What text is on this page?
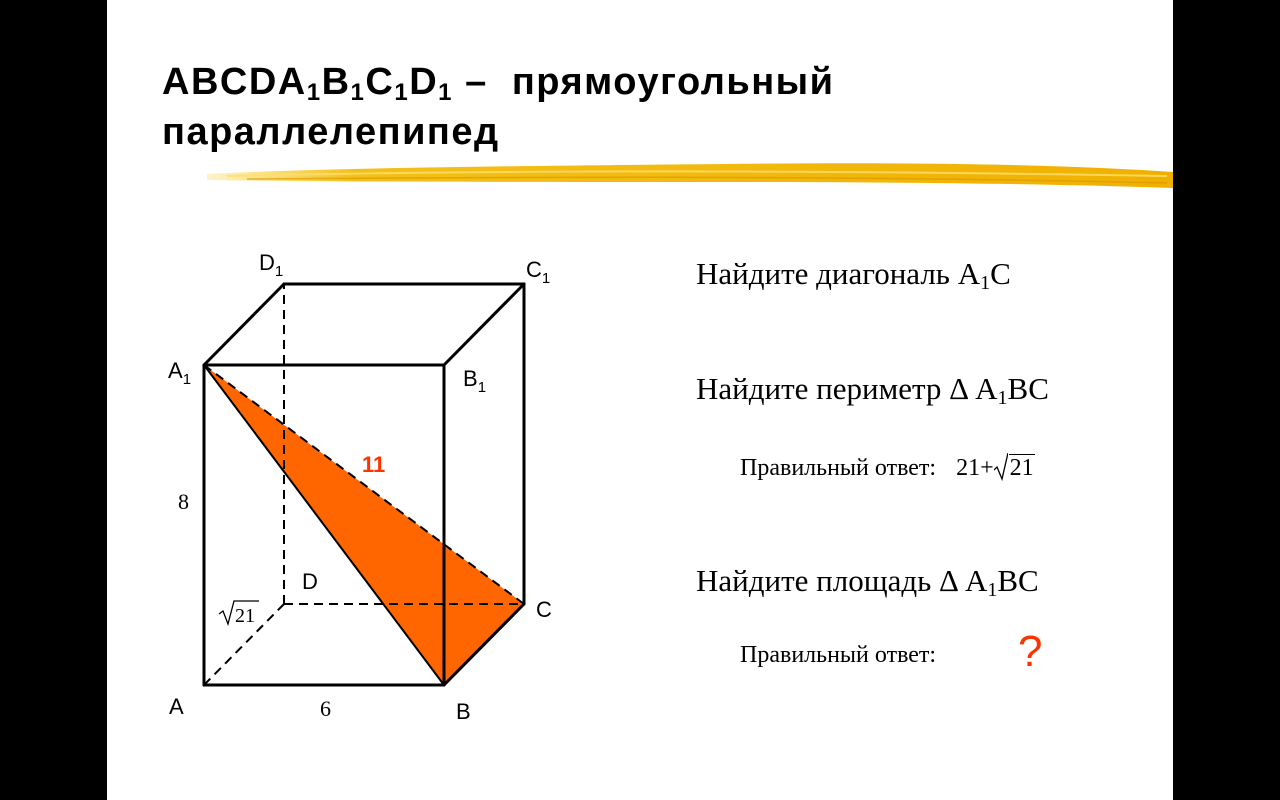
$ABCDA_1B_1C_1D_1$ –  прямоугольный
параллелепипед
A	B
C
D
$A_1$	$B_1$
$C_1$
$D_1$
8
6
11
21
Найдите диагональ $A_1C$
Найдите периметр Δ $A_1BC$
Найдите площадь Δ $A_1BC$
Правильный ответ: 21+ 21
Правильный ответ: ?
